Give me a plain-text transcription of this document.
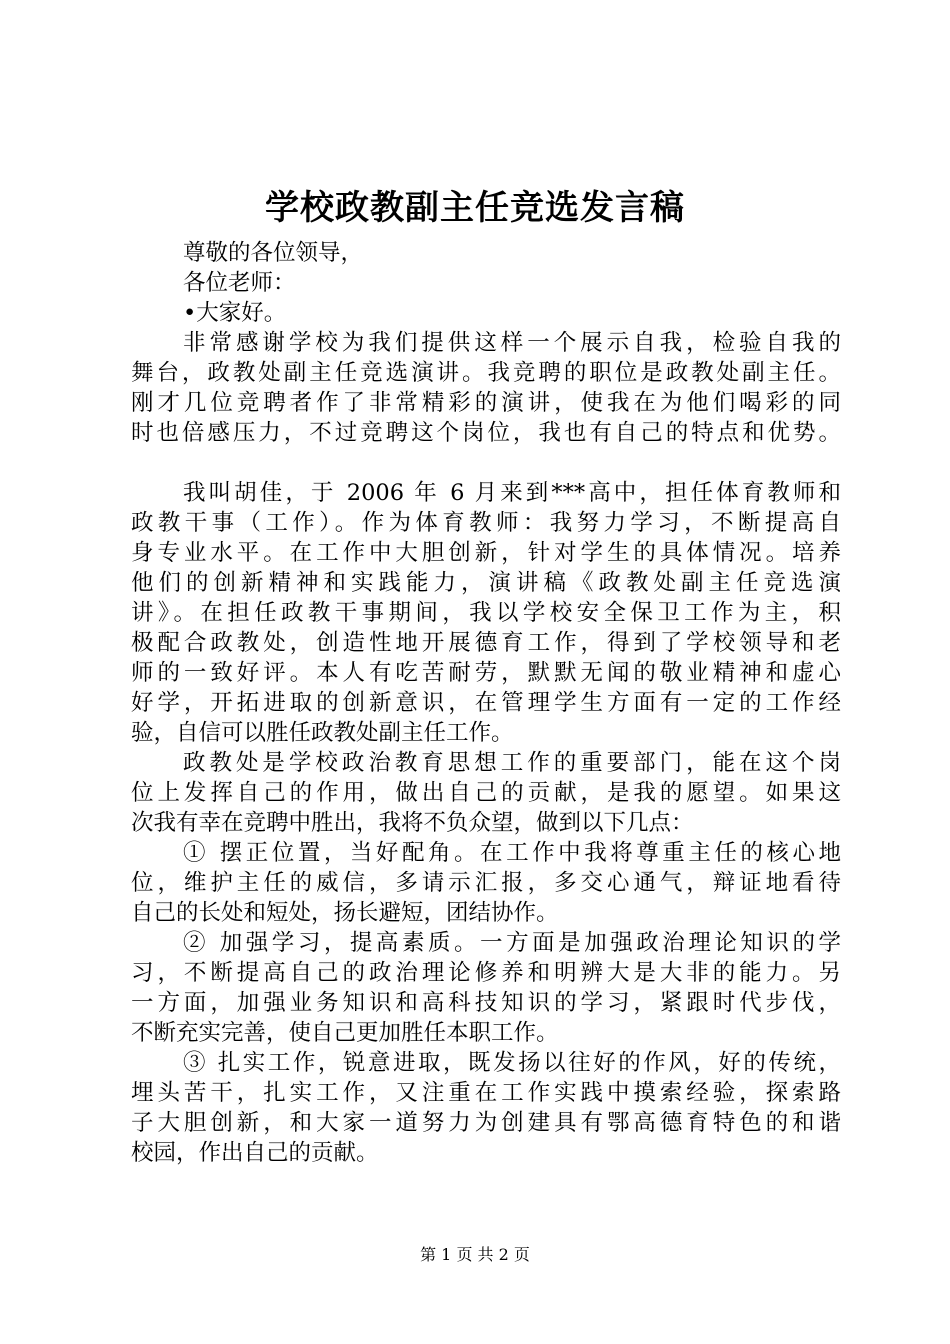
学校政教副主任竞选发言稿
尊敬的各位领导，
各位老师：
•大家好。
非常感谢学校为我们提供这样一个展示自我，检验自我的
舞台，政教处副主任竞选演讲。我竞聘的职位是政教处副主任。
刚才几位竞聘者作了非常精彩的演讲，使我在为他们喝彩的同
时也倍感压力，不过竞聘这个岗位，我也有自己的特点和优势。
我叫胡佳，于 2006 年 6 月来到***高中，担任体育教师和
政教干事（工作）。作为体育教师：我努力学习，不断提高自
身专业水平。在工作中大胆创新，针对学生的具体情况。培养
他们的创新精神和实践能力，演讲稿《政教处副主任竞选演
讲》。在担任政教干事期间，我以学校安全保卫工作为主，积
极配合政教处，创造性地开展德育工作，得到了学校领导和老
师的一致好评。本人有吃苦耐劳，默默无闻的敬业精神和虚心
好学，开拓进取的创新意识，在管理学生方面有一定的工作经
验，自信可以胜任政教处副主任工作。
政教处是学校政治教育思想工作的重要部门，能在这个岗
位上发挥自己的作用，做出自己的贡献，是我的愿望。如果这
次我有幸在竞聘中胜出，我将不负众望，做到以下几点：
① 摆正位置，当好配角。在工作中我将尊重主任的核心地
位，维护主任的威信，多请示汇报，多交心通气，辩证地看待
自己的长处和短处，扬长避短，团结协作。
② 加强学习，提高素质。一方面是加强政治理论知识的学
习，不断提高自己的政治理论修养和明辨大是大非的能力。另
一方面，加强业务知识和高科技知识的学习，紧跟时代步伐，
不断充实完善，使自己更加胜任本职工作。
③ 扎实工作，锐意进取，既发扬以往好的作风，好的传统，
埋头苦干，扎实工作，又注重在工作实践中摸索经验，探索路
子大胆创新，和大家一道努力为创建具有鄂高德育特色的和谐
校园，作出自己的贡献。
第 1 页 共 2 页
